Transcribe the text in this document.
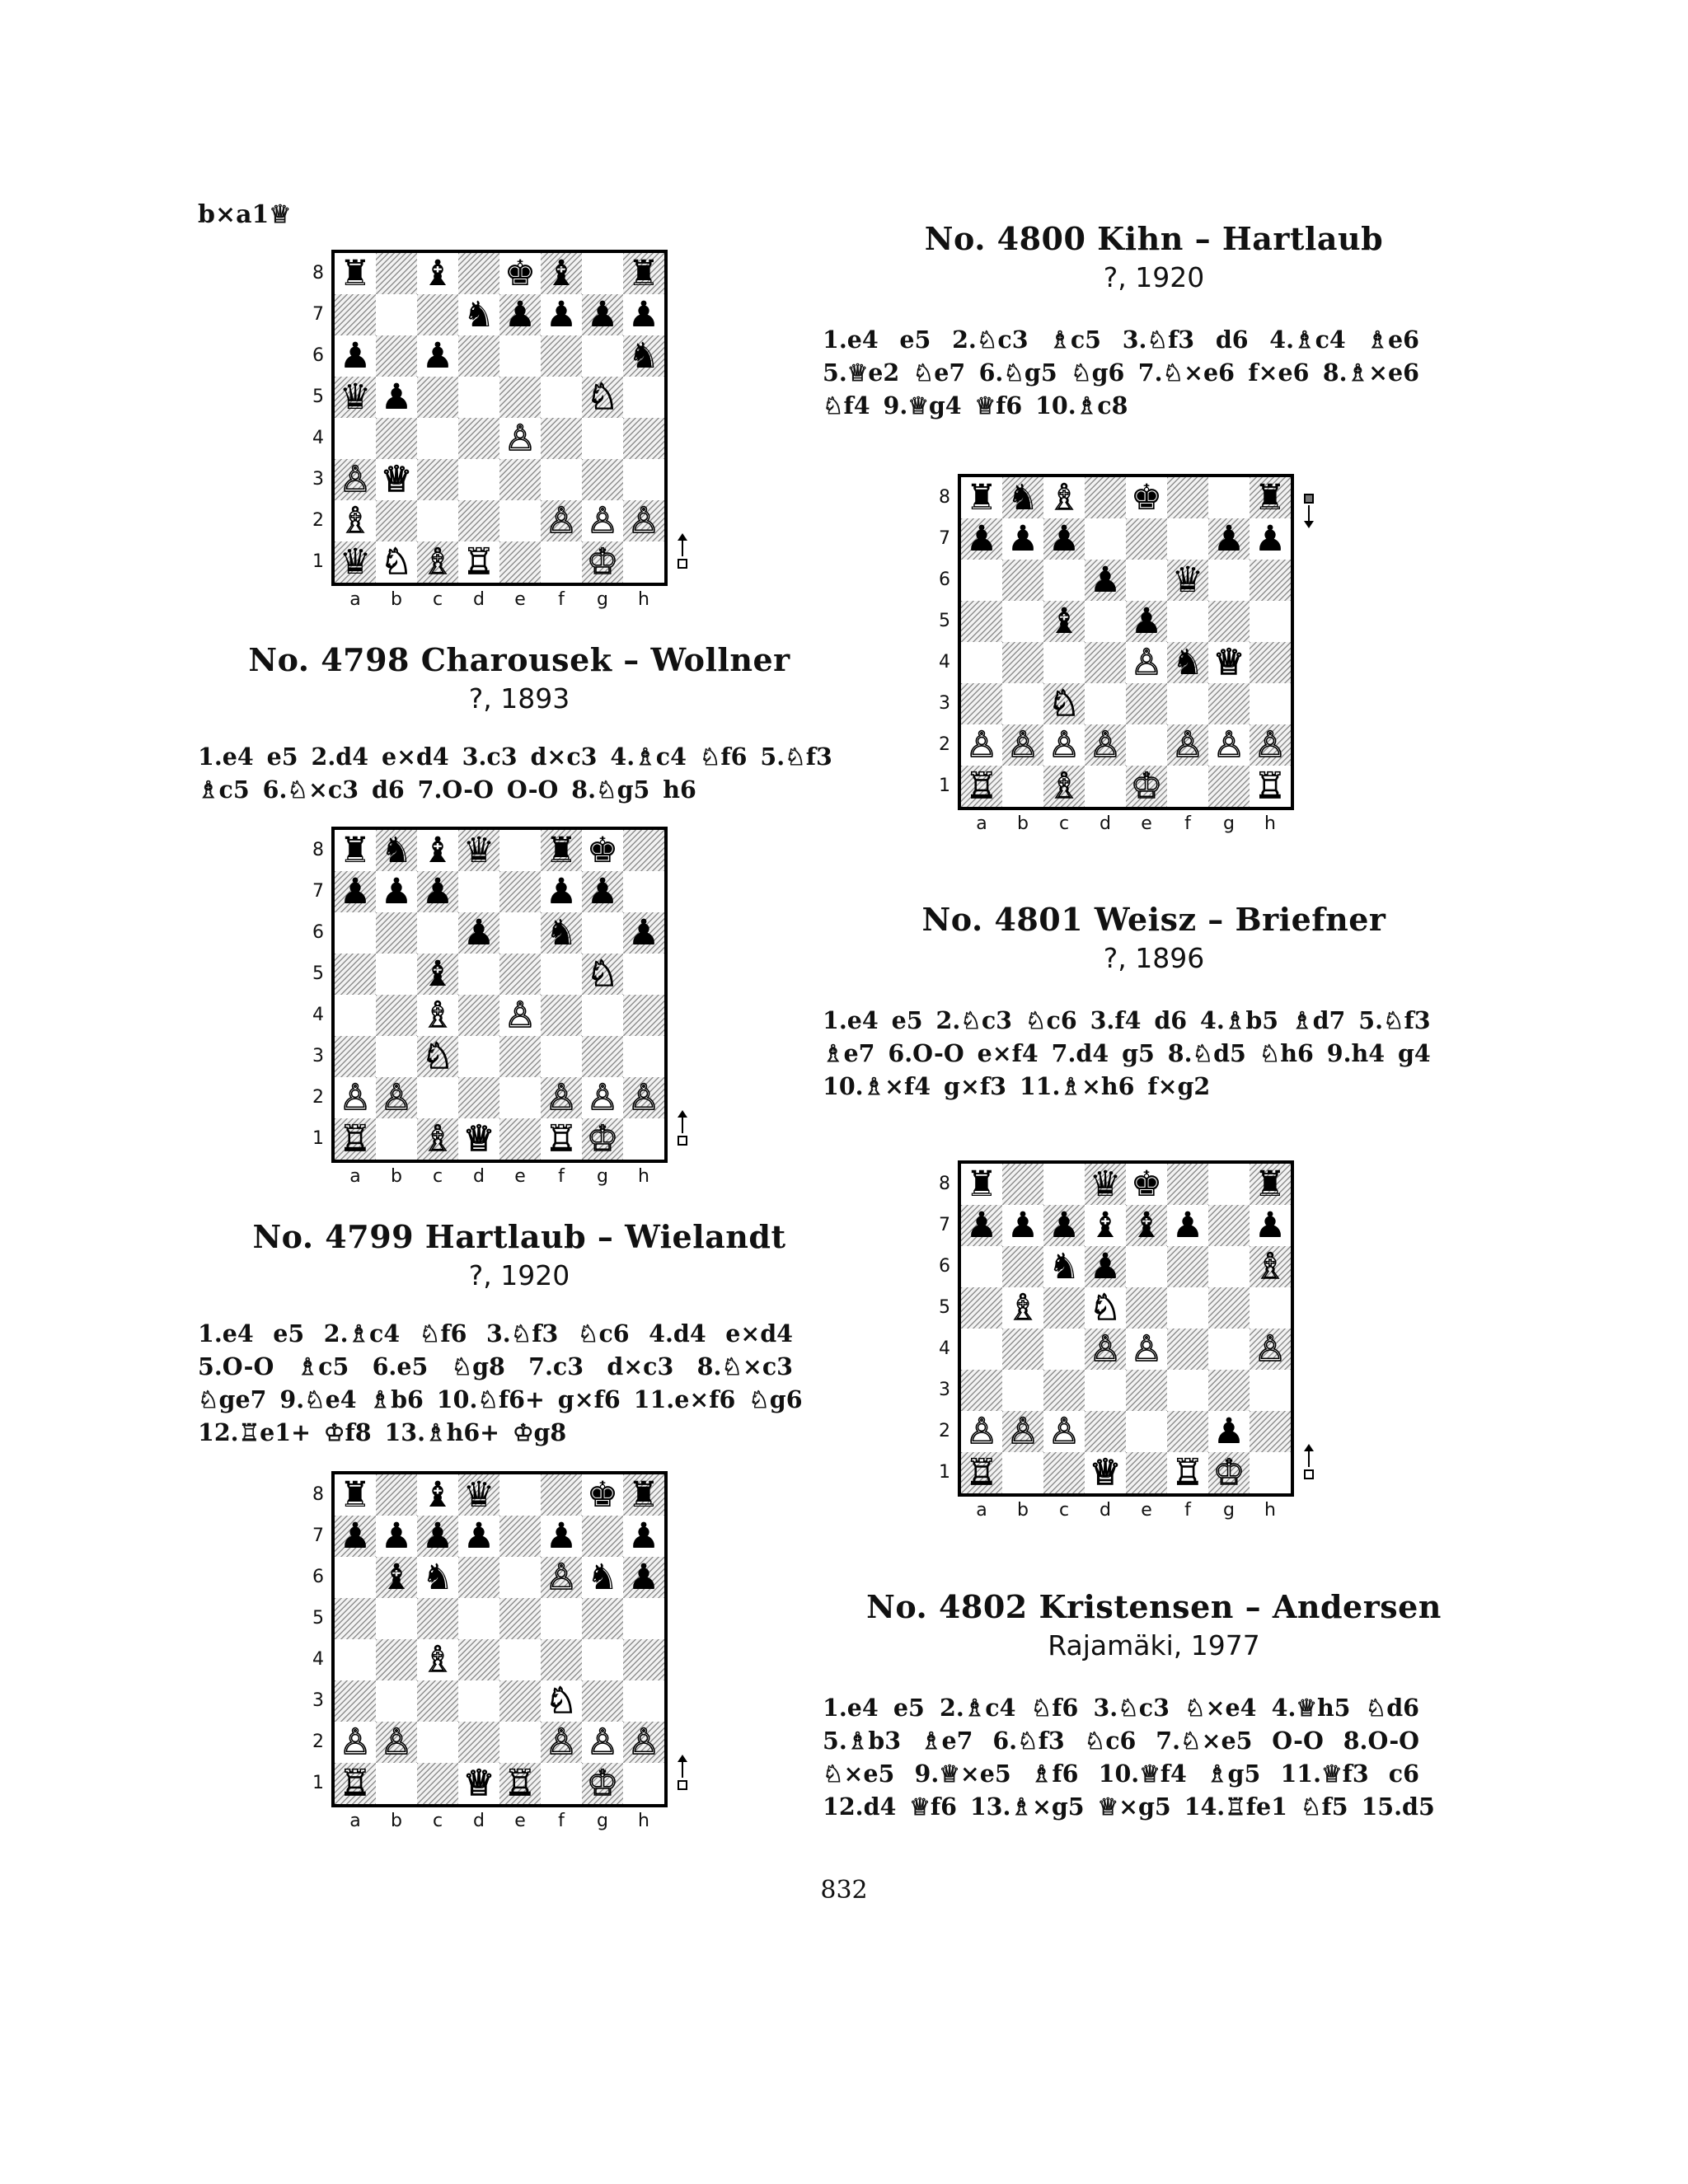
b×a1♕
♜ ♝ ♚ ♝ ♜
♞ ♟ ♟ ♟ ♟
♟ ♟	♞
♛ ♟	♘
♙
♙ ♕
♗	♙ ♙ ♙
♛ ♘ ♗ ♖	♔
8
7
6
5
4
3
2
1
a	b	c	d	e	f	g	h
♜ ♞ ♝ ♛ ♜ ♚
♟ ♟ ♟	♟ ♟
♟ ♞ ♟
♝	♘
♗ ♙
♘
♙ ♙	♙ ♙ ♙
♖ ♗ ♕ ♖ ♔
8
7
6
5
4
3
2
1
a	b	c	d	e	f	g	h
♜ ♝ ♛	♚ ♜
♟ ♟ ♟ ♟ ♟ ♟
♝ ♞	♙ ♞ ♟
♗
♘
♙ ♙	♙ ♙ ♙
♖	♕ ♖ ♔
8
7
6
5
4
3
2
1
a	b	c	d	e	f	g	h
♜ ♞ ♗ ♚	♜
♟ ♟ ♟	♟ ♟
♟ ♛
♝ ♟
♙ ♞ ♕
♘
♙ ♙ ♙ ♙ ♙ ♙ ♙
♖ ♗ ♔	♖
8
7
6
5
4
3
2
1
a	b	c	d	e	f	g	h
♜	♛ ♚	♜
♟ ♟ ♟ ♝ ♝ ♟ ♟
♞ ♟	♗
♗ ♘
♙ ♙	♙
♙ ♙ ♙	♟
♖	♕ ♖ ♔
8
7
6
5
4
3
2
1
a	b	c	d	e	f	g	h
No. 4798 Charousek – Wollner
?, 1893
1.e4 e5 2.d4 e×d4 3.c3 d×c3 4.♗c4 ♘f6 5.♘f3
♗c5 6.♘×c3 d6 7.O-O O-O 8.♘g5 h6
No. 4799 Hartlaub – Wielandt
?, 1920
1.e4 e5 2.♗c4 ♘f6 3.♘f3 ♘c6 4.d4 e×d4
5.O-O ♗c5 6.e5 ♘g8 7.c3 d×c3 8.♘×c3
♘ge7 9.♘e4 ♗b6 10.♘f6+ g×f6 11.e×f6 ♘g6
12.♖e1+ ♔f8 13.♗h6+ ♔g8
No. 4800 Kihn – Hartlaub
?, 1920
1.e4 e5 2.♘c3 ♗c5 3.♘f3 d6 4.♗c4 ♗e6
5.♕e2 ♘e7 6.♘g5 ♘g6 7.♘×e6 f×e6 8.♗×e6
♘f4 9.♕g4 ♕f6 10.♗c8
No. 4801 Weisz – Briefner
?, 1896
1.e4 e5 2.♘c3 ♘c6 3.f4 d6 4.♗b5 ♗d7 5.♘f3
♗e7 6.O-O e×f4 7.d4 g5 8.♘d5 ♘h6 9.h4 g4
10.♗×f4 g×f3 11.♗×h6 f×g2
No. 4802 Kristensen – Andersen
Rajamäki, 1977
1.e4 e5 2.♗c4 ♘f6 3.♘c3 ♘×e4 4.♕h5 ♘d6
5.♗b3 ♗e7 6.♘f3 ♘c6 7.♘×e5 O-O 8.O-O
♘×e5 9.♕×e5 ♗f6 10.♕f4 ♗g5 11.♕f3 c6
12.d4 ♕f6 13.♗×g5 ♕×g5 14.♖fe1 ♘f5 15.d5
832
